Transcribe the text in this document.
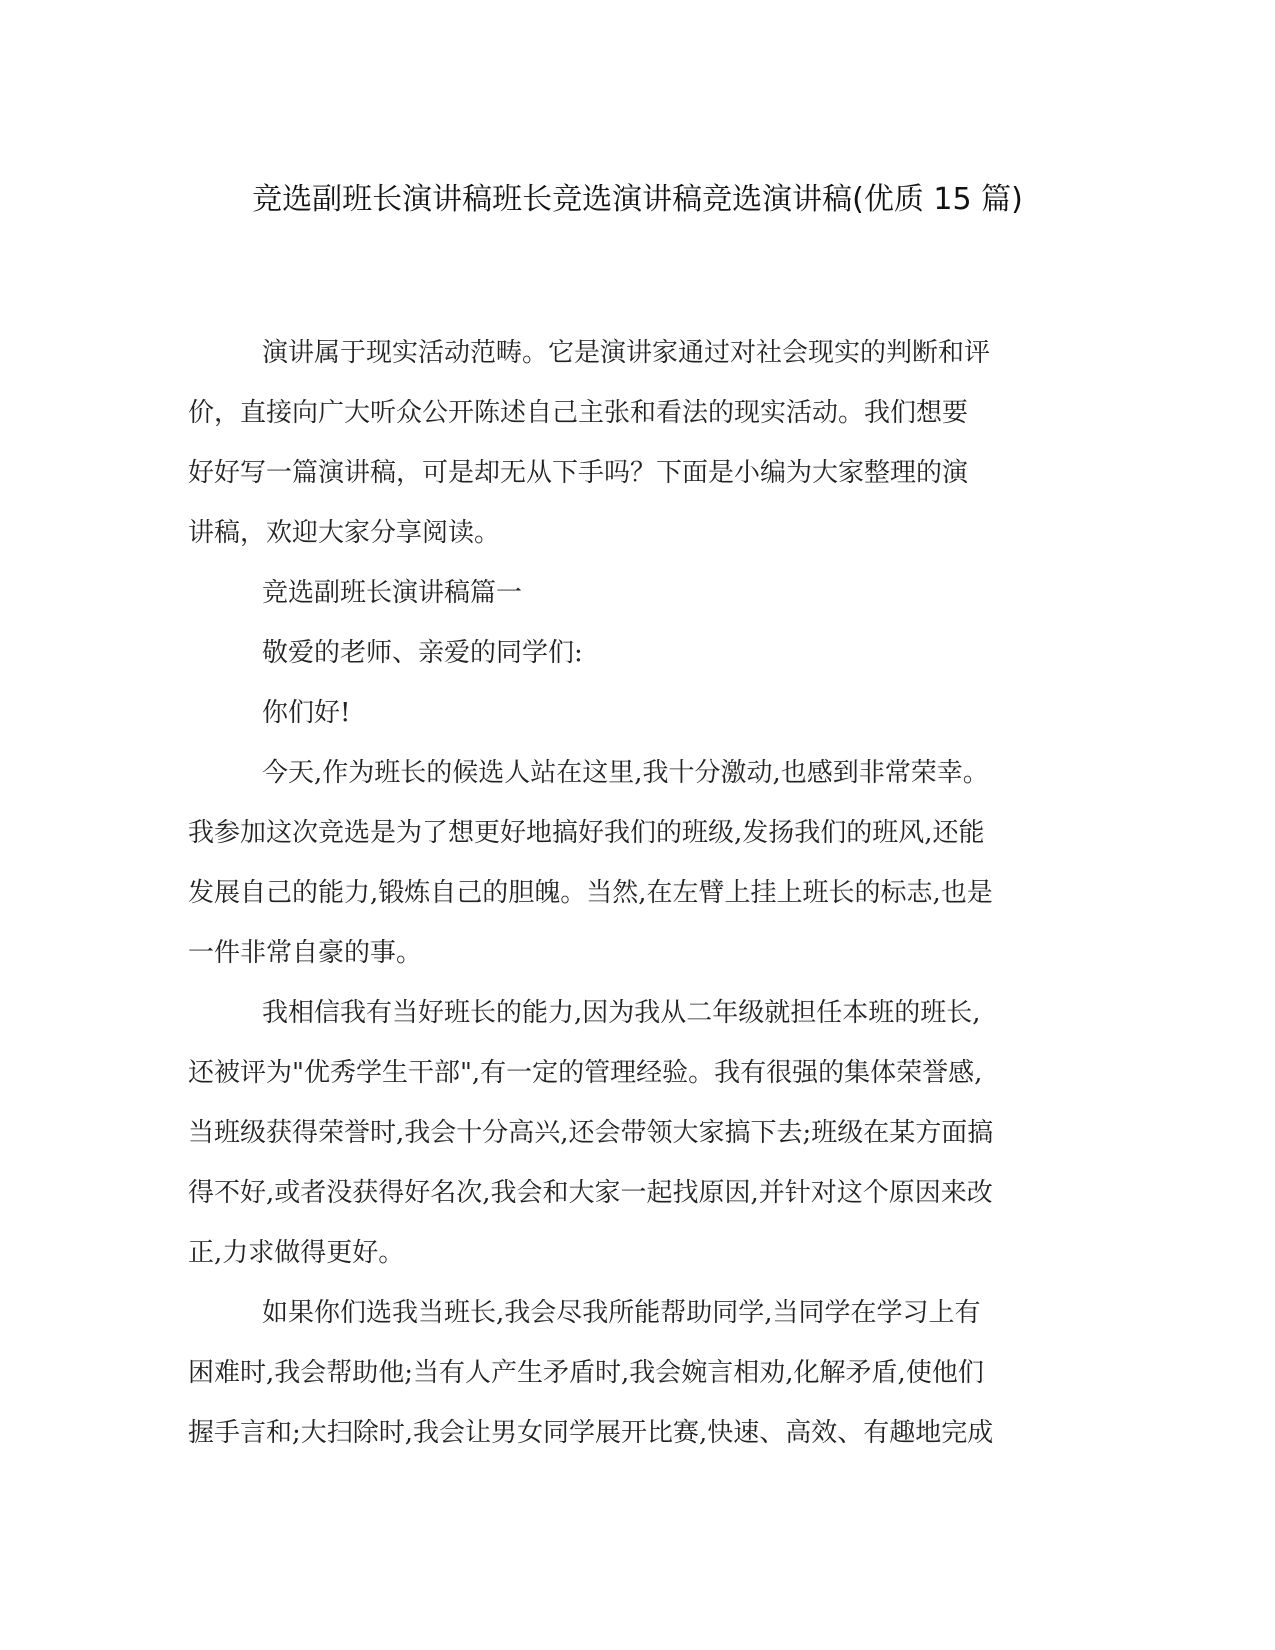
竞选副班长演讲稿班长竞选演讲稿竞选演讲稿(优质 15 篇)
演讲属于现实活动范畴。它是演讲家通过对社会现实的判断和评
价，直接向广大听众公开陈述自己主张和看法的现实活动。我们想要
好好写一篇演讲稿，可是却无从下手吗？下面是小编为大家整理的演
讲稿，欢迎大家分享阅读。
竞选副班长演讲稿篇一
敬爱的老师、亲爱的同学们:
你们好!
今天,作为班长的候选人站在这里,我十分激动,也感到非常荣幸。
我参加这次竞选是为了想更好地搞好我们的班级,发扬我们的班风,还能
发展自己的能力,锻炼自己的胆魄。当然,在左臂上挂上班长的标志,也是
一件非常自豪的事。
我相信我有当好班长的能力,因为我从二年级就担任本班的班长,
还被评为"优秀学生干部",有一定的管理经验。我有很强的集体荣誉感,
当班级获得荣誉时,我会十分高兴,还会带领大家搞下去;班级在某方面搞
得不好,或者没获得好名次,我会和大家一起找原因,并针对这个原因来改
正,力求做得更好。
如果你们选我当班长,我会尽我所能帮助同学,当同学在学习上有
困难时,我会帮助他;当有人产生矛盾时,我会婉言相劝,化解矛盾,使他们
握手言和;大扫除时,我会让男女同学展开比赛,快速、高效、有趣地完成
